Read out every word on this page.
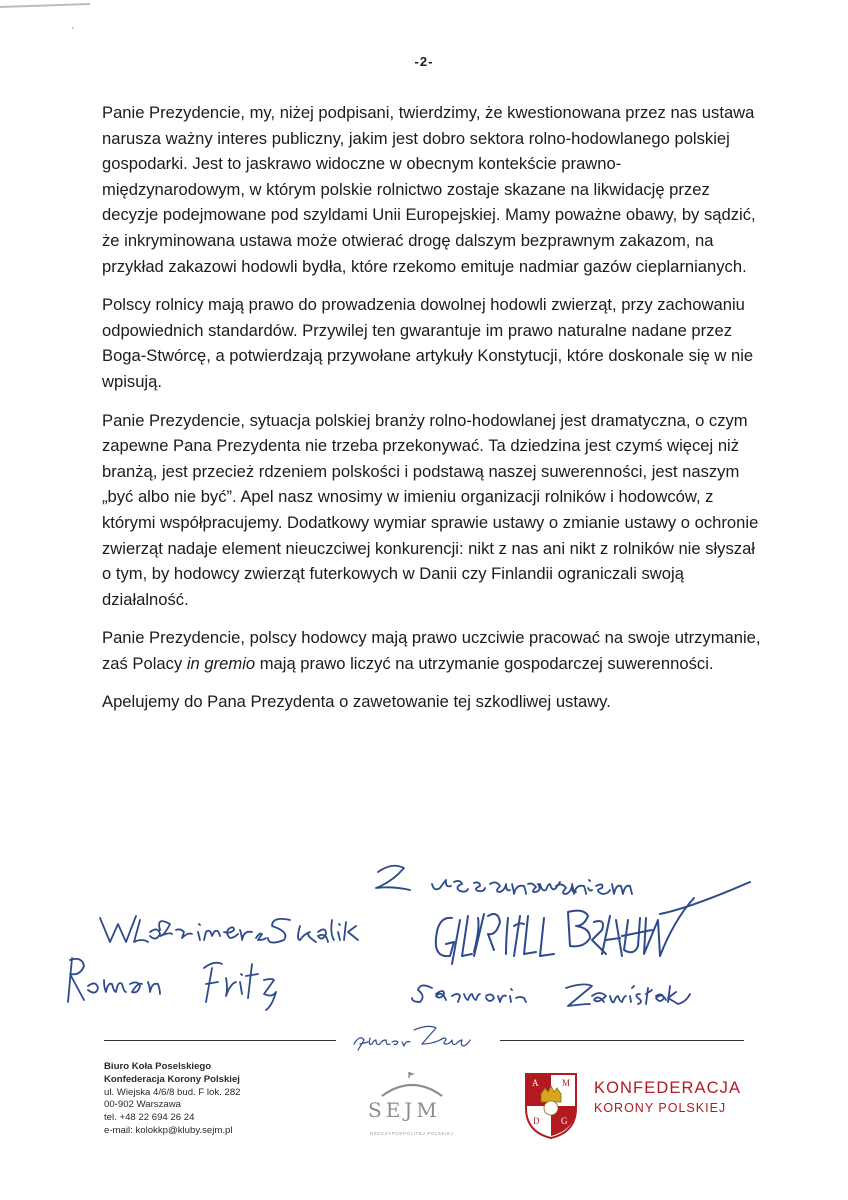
-2-

Panie Prezydencie, my, niżej podpisani, twierdzimy, że kwestionowana przez nas ustawa narusza ważny interes publiczny, jakim jest dobro sektora rolno-hodowlanego polskiej gospodarki. Jest to jaskrawo widoczne w obecnym kontekście prawno-międzynarodowym, w którym polskie rolnictwo zostaje skazane na likwidację przez decyzje podejmowane pod szyldami Unii Europejskiej. Mamy poważne obawy, by sądzić, że inkryminowana ustawa może otwierać drogę dalszym bezprawnym zakazom, na przykład zakazowi hodowli bydła, które rzekomo emituje nadmiar gazów cieplarnianych.

Polscy rolnicy mają prawo do prowadzenia dowolnej hodowli zwierząt, przy zachowaniu odpowiednich standardów. Przywilej ten gwarantuje im prawo naturalne nadane przez Boga-Stwórcę, a potwierdzają przywołane artykuły Konstytucji, które doskonale się w nie wpisują.

Panie Prezydencie, sytuacja polskiej branży rolno-hodowlanej jest dramatyczna, o czym zapewne Pana Prezydenta nie trzeba przekonywać. Ta dziedzina jest czymś więcej niż branżą, jest przecież rdzeniem polskości i podstawą naszej suwerenności, jest naszym „być albo nie być”. Apel nasz wnosimy w imieniu organizacji rolników i hodowców, z którymi współpracujemy. Dodatkowy wymiar sprawie ustawy o zmianie ustawy o ochronie zwierząt nadaje element nieuczciwej konkurencji: nikt z nas ani nikt z rolników nie słyszał o tym, by hodowcy zwierząt futerkowych w Danii czy Finlandii ograniczali swoją działalność.

Panie Prezydencie, polscy hodowcy mają prawo uczciwie pracować na swoje utrzymanie, zaś Polacy in gremio mają prawo liczyć na utrzymanie gospodarczej suwerenności.

Apelujemy do Pana Prezydenta o zawetowanie tej szkodliwej ustawy.

Biuro Koła Poselskiego
Konfederacja Korony Polskiej
ul. Wiejska 4/6/8 bud. F lok. 282
00-902 Warszawa
tel. +48 22 694 26 24
e-mail: kolokkp@kluby.sejm.pl
SEJM
RZECZYPOSPOLITEJ POLSKIEJ
A	M
D G
KONFEDERACJA
KORONY POLSKIEJ
